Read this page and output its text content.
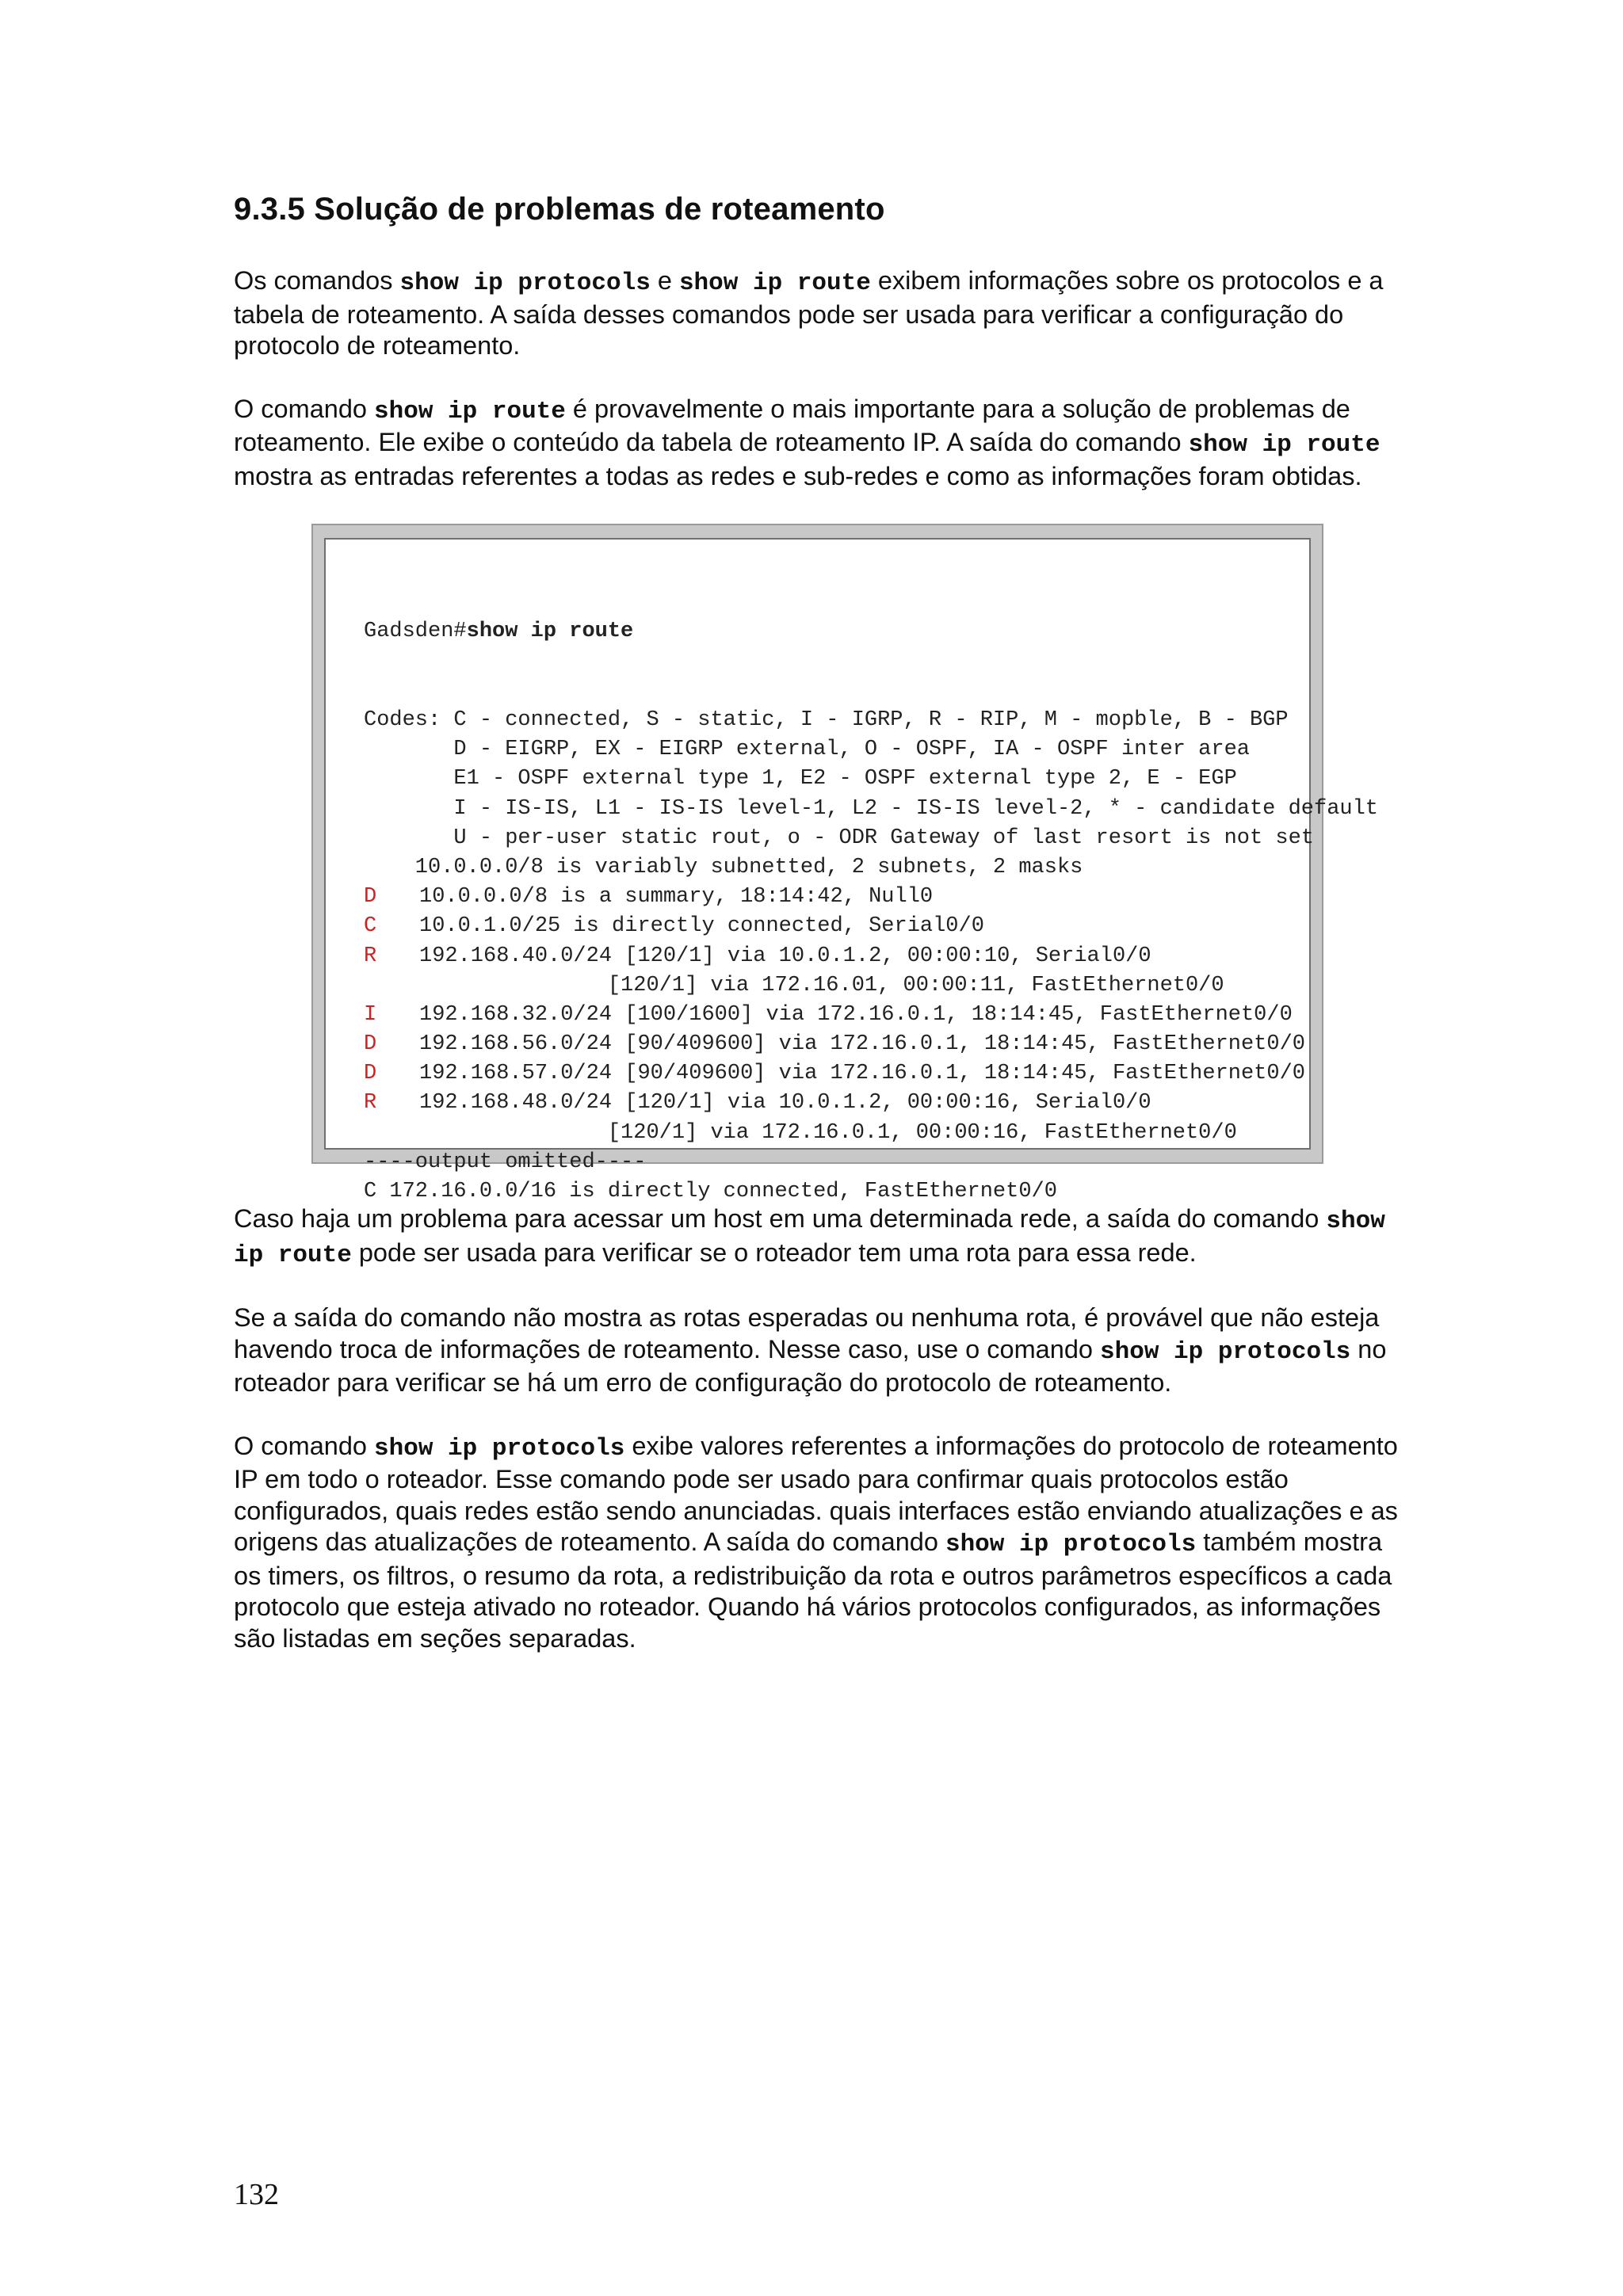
9.3.5 Solução de problemas de roteamento

Os comandos show ip protocols e show ip route exibem informações sobre os protocolos e a tabela de roteamento. A saída desses comandos pode ser usada para verificar a configuração do protocolo de roteamento.

O comando show ip route é provavelmente o mais importante para a solução de problemas de roteamento. Ele exibe o conteúdo da tabela de roteamento IP. A saída do comando show ip route mostra as entradas referentes a todas as redes e sub-redes e como as informações foram obtidas.

Gadsden#show ip route

Codes: C - connected, S - static, I - IGRP, R - RIP, M - mopble, B - BGP
D - EIGRP, EX - EIGRP external, O - OSPF, IA - OSPF inter area
E1 - OSPF external type 1, E2 - OSPF external type 2, E - EGP
I - IS-IS, L1 - IS-IS level-1, L2 - IS-IS level-2, * - candidate default
U - per-user static rout, o - ODR Gateway of last resort is not set
10.0.0.0/8 is variably subnetted, 2 subnets, 2 masks
D 10.0.0.0/8 is a summary, 18:14:42, Null0
C 10.0.1.0/25 is directly connected, Serial0/0
R 192.168.40.0/24 [120/1] via 10.0.1.2, 00:00:10, Serial0/0
[120/1] via 172.16.01, 00:00:11, FastEthernet0/0
I 192.168.32.0/24 [100/1600] via 172.16.0.1, 18:14:45, FastEthernet0/0
D 192.168.56.0/24 [90/409600] via 172.16.0.1, 18:14:45, FastEthernet0/0
D 192.168.57.0/24 [90/409600] via 172.16.0.1, 18:14:45, FastEthernet0/0
R 192.168.48.0/24 [120/1] via 10.0.1.2, 00:00:16, Serial0/0
[120/1] via 172.16.0.1, 00:00:16, FastEthernet0/0
----output omitted----
C 172.16.0.0/16 is directly connected, FastEthernet0/0

Caso haja um problema para acessar um host em uma determinada rede, a saída do comando show ip route pode ser usada para verificar se o roteador tem uma rota para essa rede.

Se a saída do comando não mostra as rotas esperadas ou nenhuma rota, é provável que não esteja havendo troca de informações de roteamento. Nesse caso, use o comando show ip protocols no roteador para verificar se há um erro de configuração do protocolo de roteamento.

O comando show ip protocols exibe valores referentes a informações do protocolo de roteamento IP em todo o roteador. Esse comando pode ser usado para confirmar quais protocolos estão configurados, quais redes estão sendo anunciadas. quais interfaces estão enviando atualizações e as origens das atualizações de roteamento. A saída do comando show ip protocols também mostra os timers, os filtros, o resumo da rota, a redistribuição da rota e outros parâmetros específicos a cada protocolo que esteja ativado no roteador. Quando há vários protocolos configurados, as informações são listadas em seções separadas.

132
